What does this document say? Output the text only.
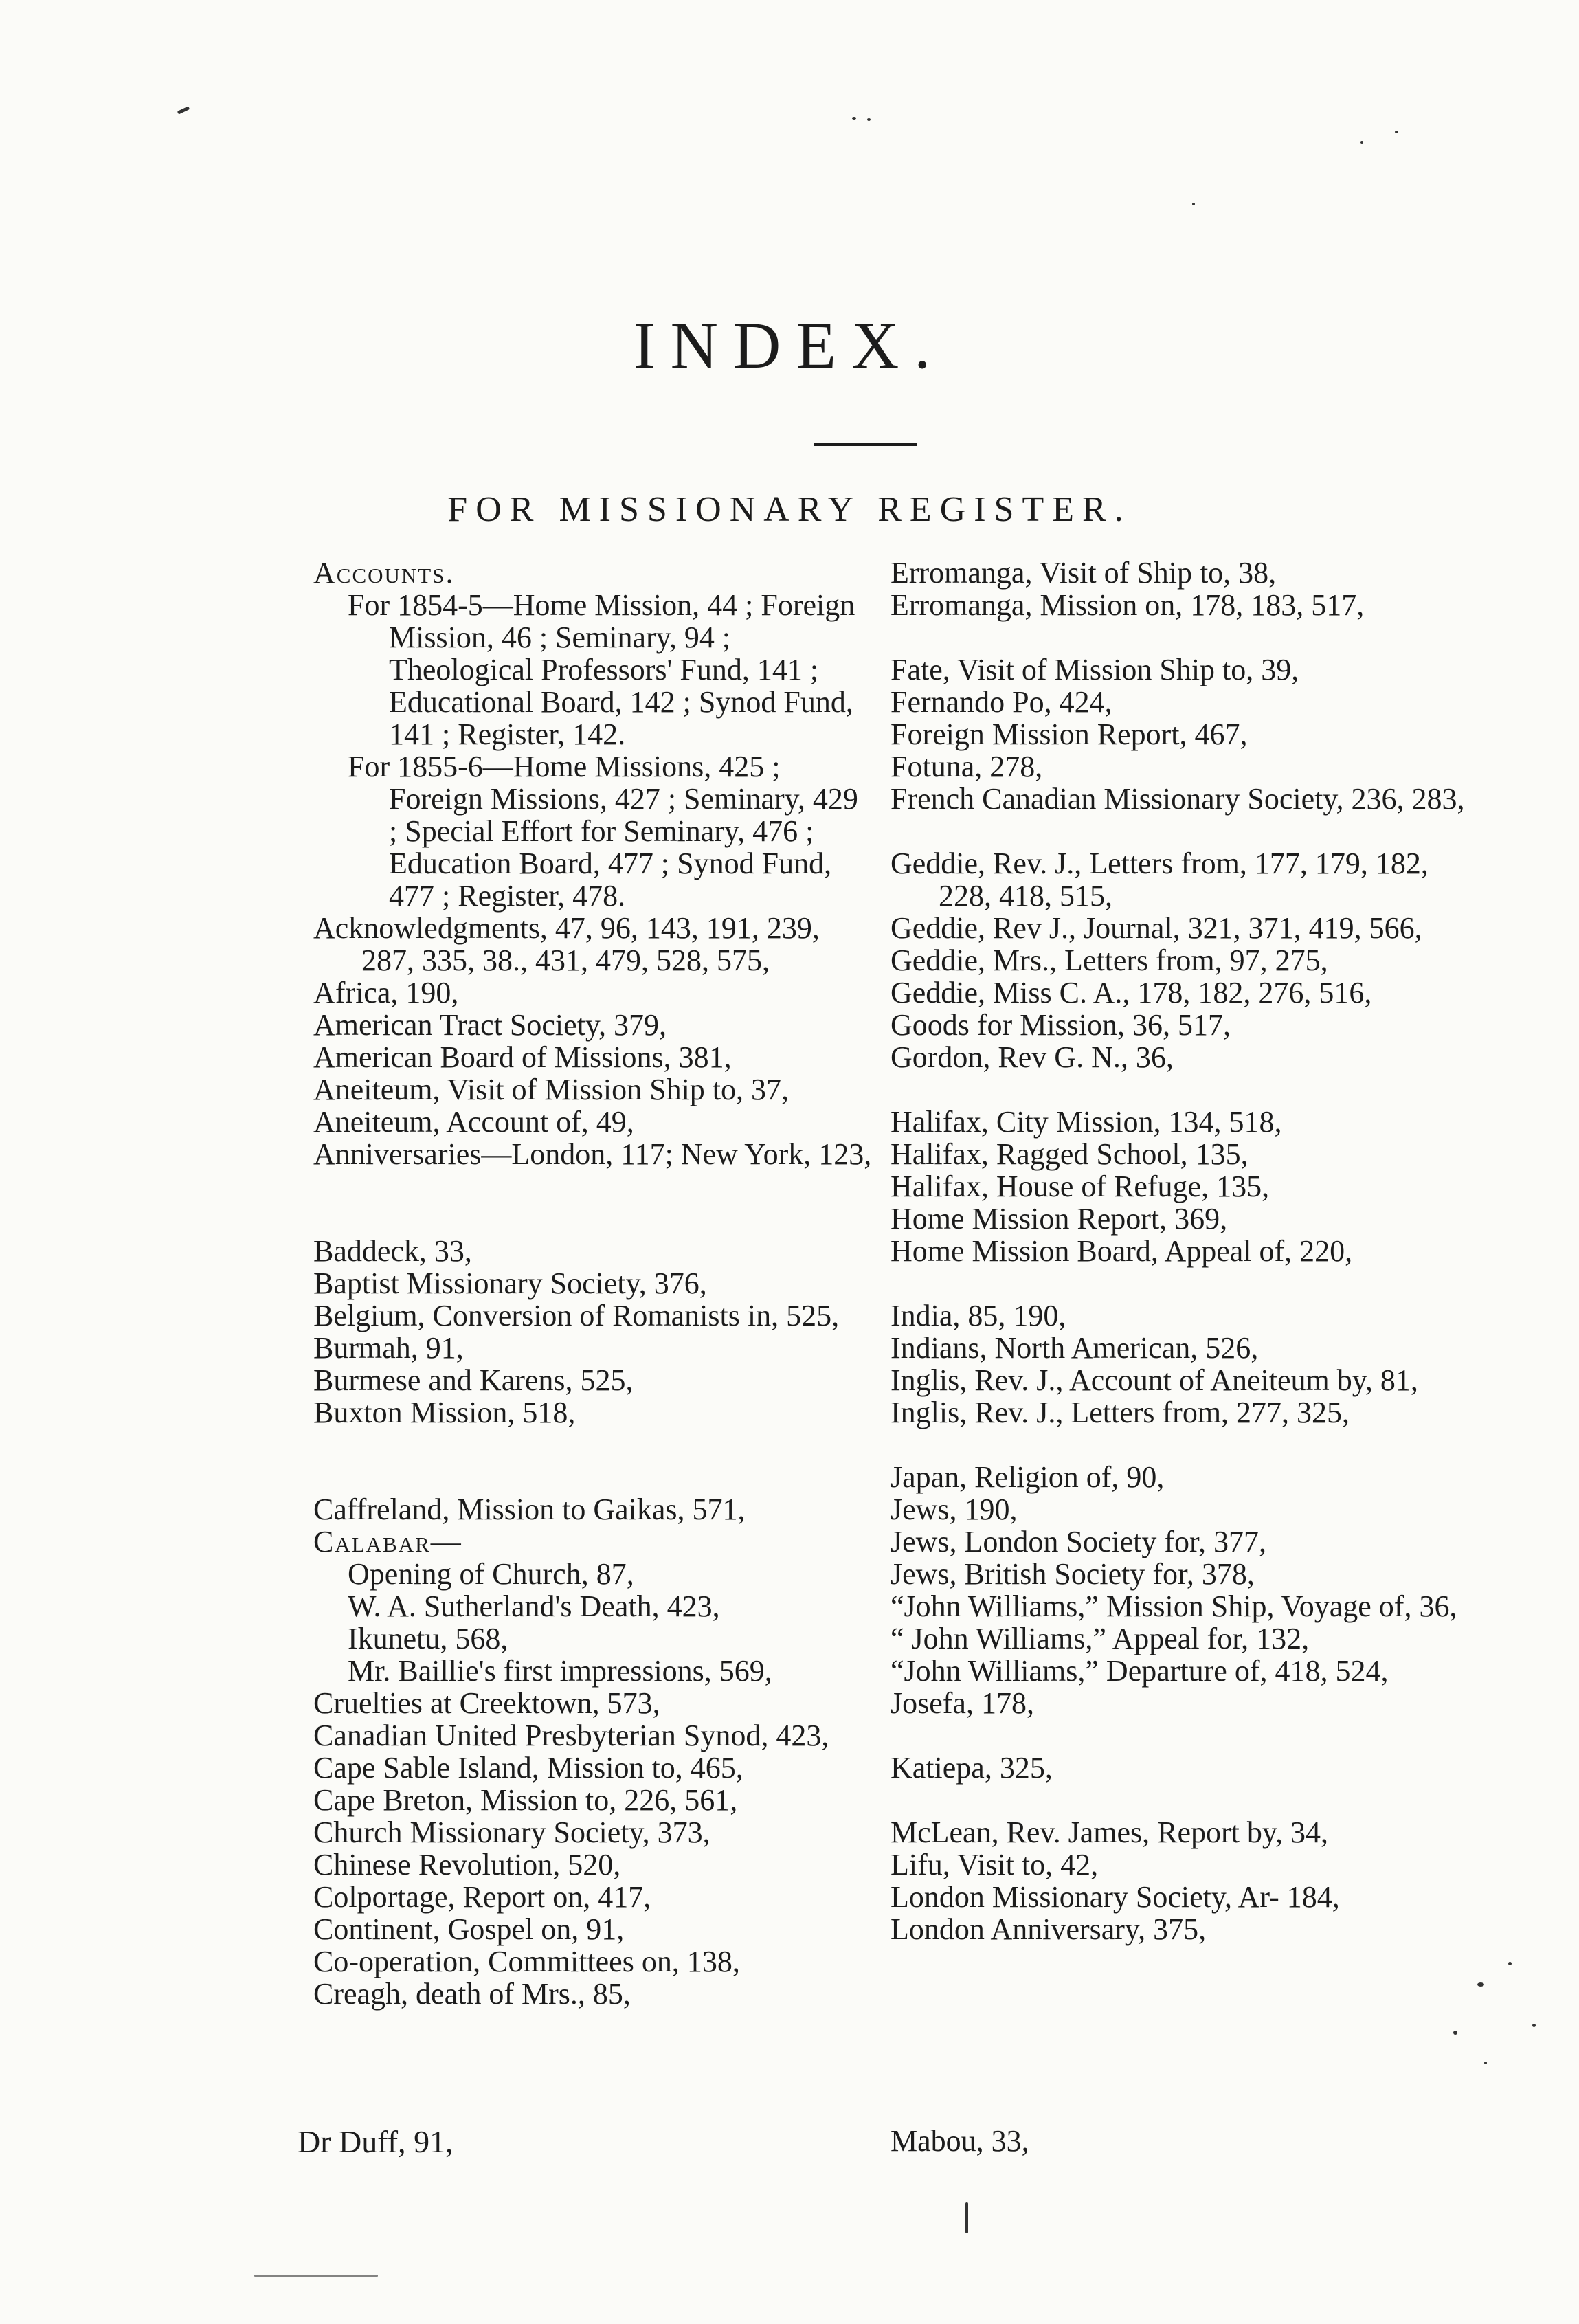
INDEX.
FOR MISSIONARY REGISTER.
Accounts.
For 1854-5—Home Mission, 44 ; Foreign Mission, 46 ; Seminary, 94 ; Theological Professors' Fund, 141 ; Educational Board, 142 ; Synod Fund, 141 ; Register, 142.
For 1855-6—Home Missions, 425 ; Foreign Missions, 427 ; Seminary, 429 ; Special Effort for Seminary, 476 ; Education Board, 477 ; Synod Fund, 477 ; Register, 478.
Acknowledgments, 47, 96, 143, 191, 239, 287, 335, 38., 431, 479, 528, 575,
Africa, 190,
American Tract Society, 379,
American Board of Missions, 381,
Aneiteum, Visit of Mission Ship to, 37,
Aneiteum, Account of, 49,
Anniversaries—London, 117; New York, 123,
Baddeck, 33,
Baptist Missionary Society, 376,
Belgium, Conversion of Romanists in, 525,
Burmah, 91,
Burmese and Karens, 525,
Buxton Mission, 518,
Caffreland, Mission to Gaikas, 571,
Calabar—
Opening of Church, 87,
W. A. Sutherland's Death, 423,
Ikunetu, 568,
Mr. Baillie's first impressions, 569,
Cruelties at Creektown, 573,
Canadian United Presbyterian Synod, 423,
Cape Sable Island, Mission to, 465,
Cape Breton, Mission to, 226, 561,
Church Missionary Society, 373,
Chinese Revolution, 520,
Colportage, Report on, 417,
Continent, Gospel on, 91,
Co-operation, Committees on, 138,
Creagh, death of Mrs., 85,
Erromanga, Visit of Ship to, 38,
Erromanga, Mission on, 178, 183, 517,
Fate, Visit of Mission Ship to, 39,
Fernando Po, 424,
Foreign Mission Report, 467,
Fotuna, 278,
French Canadian Missionary Society, 236, 283,
Geddie, Rev. J., Letters from, 177, 179, 182, 228, 418, 515,
Geddie, Rev J., Journal, 321, 371, 419, 566,
Geddie, Mrs., Letters from, 97, 275,
Geddie, Miss C. A., 178, 182, 276, 516,
Goods for Mission, 36, 517,
Gordon, Rev G. N., 36,
Halifax, City Mission, 134, 518,
Halifax, Ragged School, 135,
Halifax, House of Refuge, 135,
Home Mission Report, 369,
Home Mission Board, Appeal of, 220,
India, 85, 190,
Indians, North American, 526,
Inglis, Rev. J., Account of Aneiteum by, 81,
Inglis, Rev. J., Letters from, 277, 325,
Japan, Religion of, 90,
Jews, 190,
Jews, London Society for, 377,
Jews, British Society for, 378,
“John Williams,” Mission Ship, Voyage of, 36,
“ John Williams,” Appeal for, 132,
“John Williams,” Departure of, 418, 524,
Josefa, 178,
Katiepa, 325,
McLean, Rev. James, Report by, 34,
Lifu, Visit to, 42,
London Missionary Society, Ar- 184,
London Anniversary, 375,
Dr Duff, 91,	Mabou, 33,
